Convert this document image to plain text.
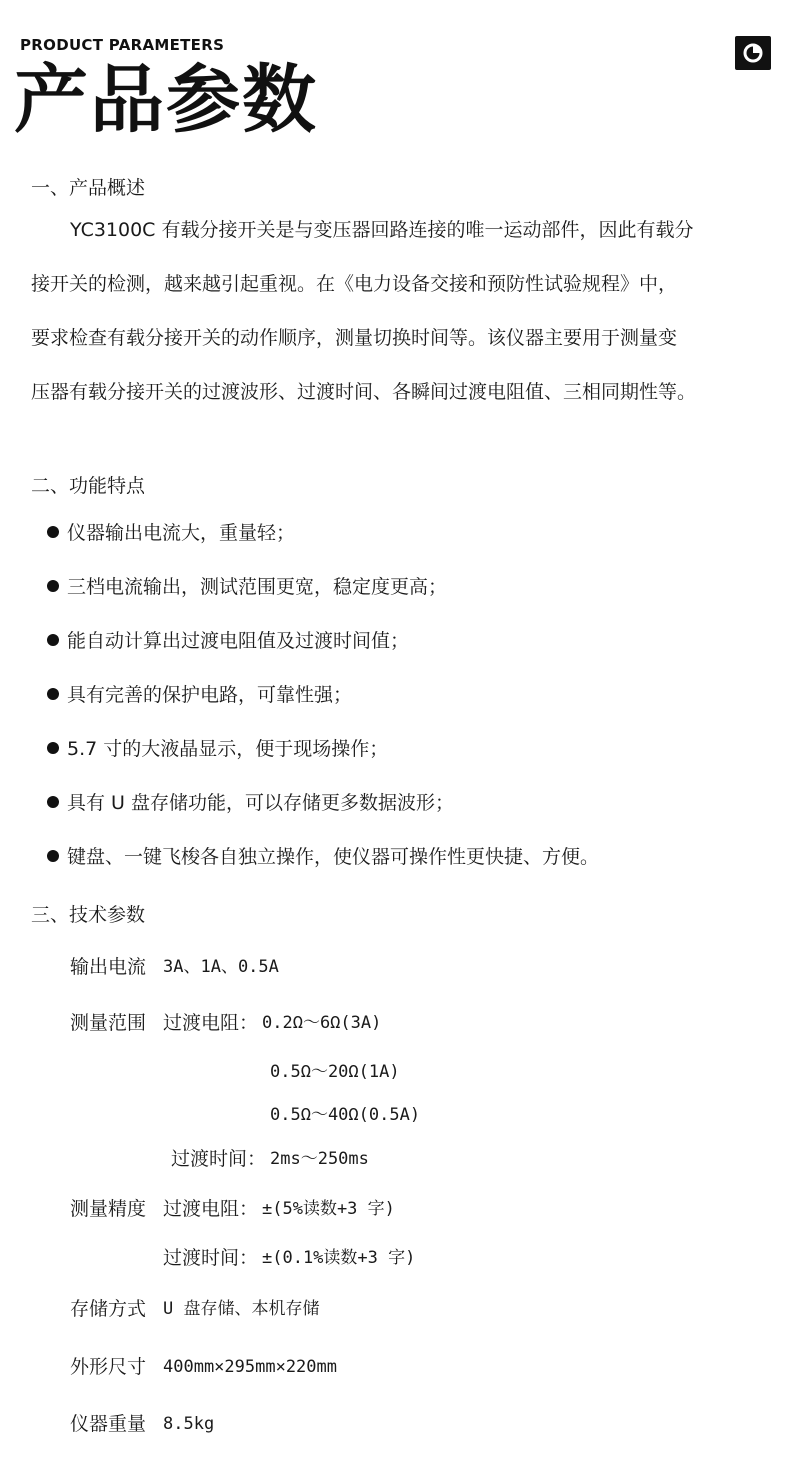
PRODUCT PARAMETERS
产品参数
一、产品概述
YC3100C 有载分接开关是与变压器回路连接的唯一运动部件，因此有载分
接开关的检测，越来越引起重视。在《电力设备交接和预防性试验规程》中，
要求检查有载分接开关的动作顺序，测量切换时间等。该仪器主要用于测量变
压器有载分接开关的过渡波形、过渡时间、各瞬间过渡电阻值、三相同期性等。
二、功能特点
仪器输出电流大，重量轻；
三档电流输出，测试范围更宽，稳定度更高；
能自动计算出过渡电阻值及过渡时间值；
具有完善的保护电路，可靠性强；
5.7 寸的大液晶显示，便于现场操作；
具有 U 盘存储功能，可以存储更多数据波形；
键盘、一键飞梭各自独立操作，使仪器可操作性更快捷、方便。
三、技术参数
输出电流 3A、1A、0.5A
测量范围 过渡电阻： 0.2Ω～6Ω(3A)
0.5Ω～20Ω(1A)
0.5Ω～40Ω(0.5A)
过渡时间： 2ms～250ms
测量精度 过渡电阻： ±(5%读数+3 字)
过渡时间： ±(0.1%读数+3 字)
存储方式 U 盘存储、本机存储
外形尺寸 400mm×295mm×220mm
仪器重量 8.5kg
